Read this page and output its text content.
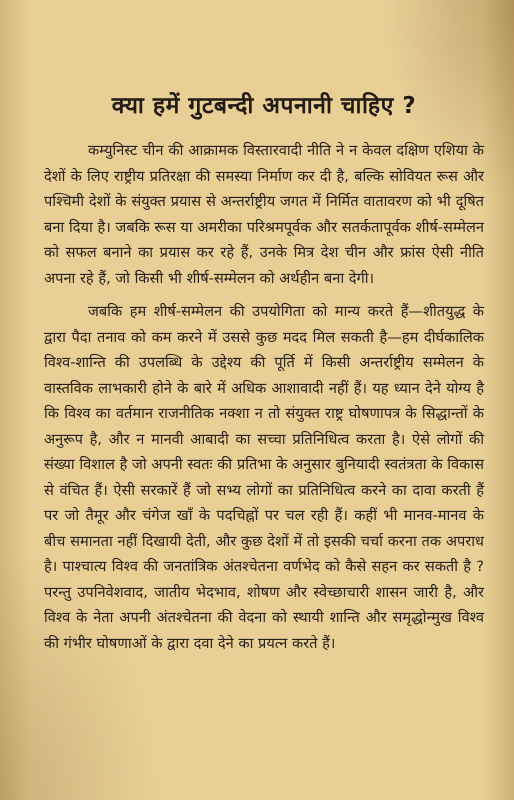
क्या हमें गुटबन्दी अपनानी चाहिए ?

कम्युनिस्ट चीन की आक्रामक विस्तारवादी नीति ने न केवल दक्षिण एशिया के देशों के लिए राष्ट्रीय प्रतिरक्षा की समस्या निर्माण कर दी है, बल्कि सोवियत रूस और पश्चिमी देशों के संयुक्त प्रयास से अन्तर्राष्ट्रीय जगत में निर्मित वातावरण को भी दूषित बना दिया है। जबकि रूस या अमरीका परिश्रमपूर्वक और सतर्कतापूर्वक शीर्ष-सम्मेलन को सफल बनाने का प्रयास कर रहे हैं, उनके मित्र देश चीन और फ्रांस ऐसी नीति अपना रहे हैं, जो किसी भी शीर्ष-सम्मेलन को अर्थहीन बना देगी।

जबकि हम शीर्ष-सम्मेलन की उपयोगिता को मान्य करते हैं—शीतयुद्ध के द्वारा पैदा तनाव को कम करने में उससे कुछ मदद मिल सकती है—हम दीर्घकालिक विश्व-शान्ति की उपलब्धि के उद्देश्य की पूर्ति में किसी अन्तर्राष्ट्रीय सम्मेलन के वास्तविक लाभकारी होने के बारे में अधिक आशावादी नहीं हैं। यह ध्यान देने योग्य है कि विश्व का वर्तमान राजनीतिक नक्शा न तो संयुक्त राष्ट्र घोषणापत्र के सिद्धान्तों के अनुरूप है, और न मानवी आबादी का सच्चा प्रतिनिधित्व करता है। ऐसे लोगों की संख्या विशाल है जो अपनी स्वतः की प्रतिभा के अनुसार बुनियादी स्वतंत्रता के विकास से वंचित हैं। ऐसी सरकारें हैं जो सभ्य लोगों का प्रतिनिधित्व करने का दावा करती हैं पर जो तैमूर और चंगेज खाँ के पदचिह्नों पर चल रही हैं। कहीं भी मानव-मानव के बीच समानता नहीं दिखायी देती, और कुछ देशों में तो इसकी चर्चा करना तक अपराध है। पाश्चात्य विश्व की जनतांत्रिक अंतश्चेतना वर्णभेद को कैसे सहन कर सकती है ? परन्तु उपनिवेशवाद, जातीय भेदभाव, शोषण और स्वेच्छाचारी शासन जारी है, और विश्व के नेता अपनी अंतश्चेतना की वेदना को स्थायी शान्ति और समृद्धोन्मुख विश्व की गंभीर घोषणाओं के द्वारा दवा देने का प्रयत्न करते हैं।
